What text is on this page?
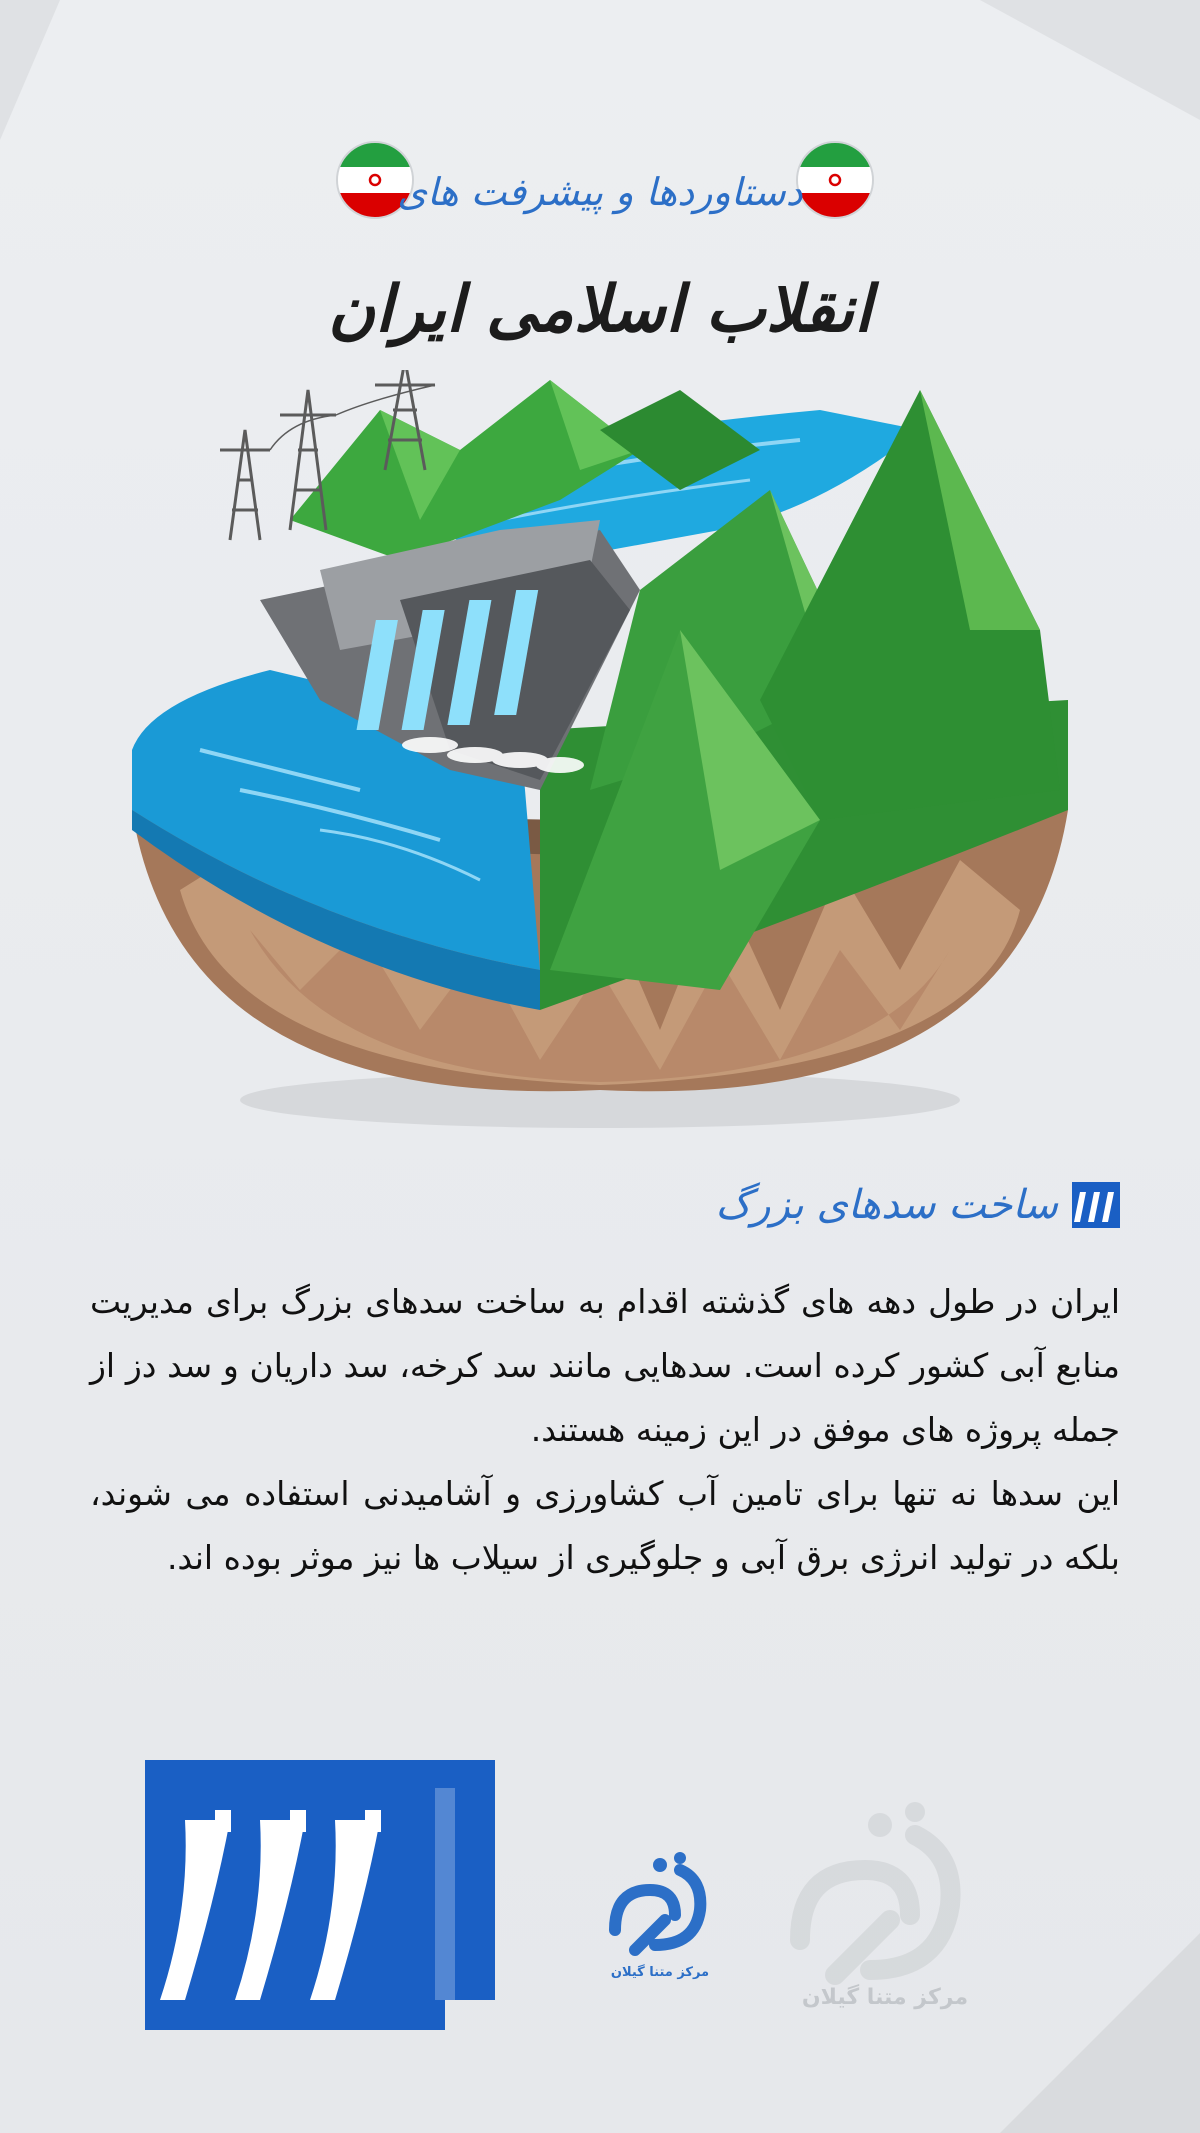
دستاوردها و پیشرفت های
انقلاب اسلامی ایران
ساخت سدهای بزرگ

ایران در طول دهه های گذشته اقدام به ساخت سدهای بزرگ برای مدیریت منابع آبی کشور کرده است. سدهایی مانند سد کرخه، سد داریان و سد دز از جمله پروژه های موفق در این زمینه هستند.

این سدها نه تنها برای تامین آب کشاورزی و آشامیدنی استفاده می شوند، بلکه در تولید انرژی برق آبی و جلوگیری از سیلاب ها نیز موثر بوده اند.

مرکز متنا گیلان
مرکز متنا گیلان
